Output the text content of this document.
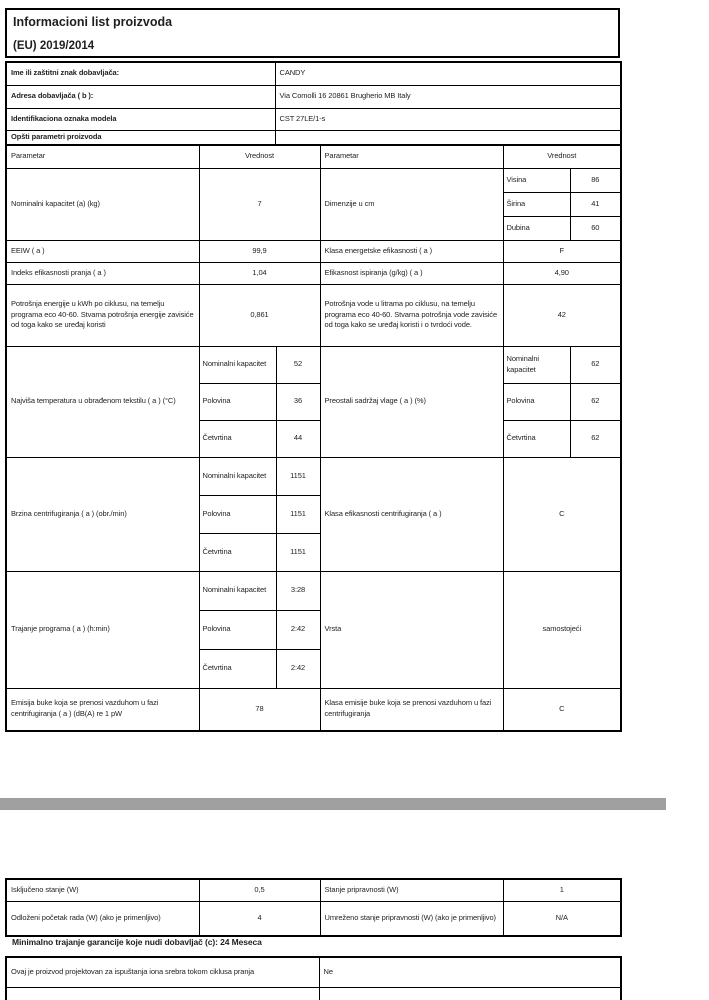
Informacioni list proizvoda
(EU) 2019/2014
Ime ili zaštitni znak dobavljača:	CANDY
Adresa dobavljača ( b ):	Via Comolli 16 20861 Brugherio MB Italy
Identifikaciona oznaka modela	CST 27LE/1-s
Opšti parametri proizvoda	
Parametar	Vrednost		Parametar	Vrednost	
Nominalni kapacitet (a) (kg)	7		Dimenzije u cm	Visina	86
				Širina	41
				Dubina	60
EEIW ( a )	99,9		Klasa energetske efikasnosti ( a )	F	
Indeks efikasnosti pranja ( a )	1,04		Efikasnost ispiranja (g/kg) ( a )	4,90	
Potrošnja energije u kWh po ciklusu, na temelju programa eco 40-60. Stvarna potrošnja energije zavisiće od toga kako se uređaj koristi	0,861		Potrošnja vode u litrama po ciklusu, na temelju programa eco 40-60. Stvarna potrošnja vode zavisiće od toga kako se uređaj koristi i o tvrdoći vode.	42	
Najviša temperatura u obrađenom tekstilu ( a ) (°C)	Nominalni kapacitet	52	Preostali sadržaj vlage ( a ) (%)	Nominalni kapacitet	62
	Polovina	36		Polovina	62
	Četvrtina	44		Četvrtina	62
Brzina centrifugiranja ( a ) (obr./min)	Nominalni kapacitet	1151	Klasa efikasnosti centrifugiranja ( a )	C	
	Polovina	1151			
	Četvrtina	1151			
Trajanje programa ( a ) (h:min)	Nominalni kapacitet	3:28	Vrsta	samostojeći	
	Polovina	2:42			
	Četvrtina	2:42			
Emisija buke koja se prenosi vazduhom u fazi centrifugiranja ( a ) (dB(A) re 1 pW	78		Klasa emisije buke koja se prenosi vazduhom u fazi centrifugiranja	C	
Isključeno stanje (W)	0,5	Stanje pripravnosti (W)	1
Odloženi početak rada (W) (ako je primenljivo)	4	Umreženo stanje pripravnosti (W) (ako je primenljivo)	N/A
Minimalno trajanje garancije koje nudi dobavljač (c): 24 Meseca
Ovaj je proizvod projektovan za ispuštanja iona srebra tokom ciklusa pranja	Ne
